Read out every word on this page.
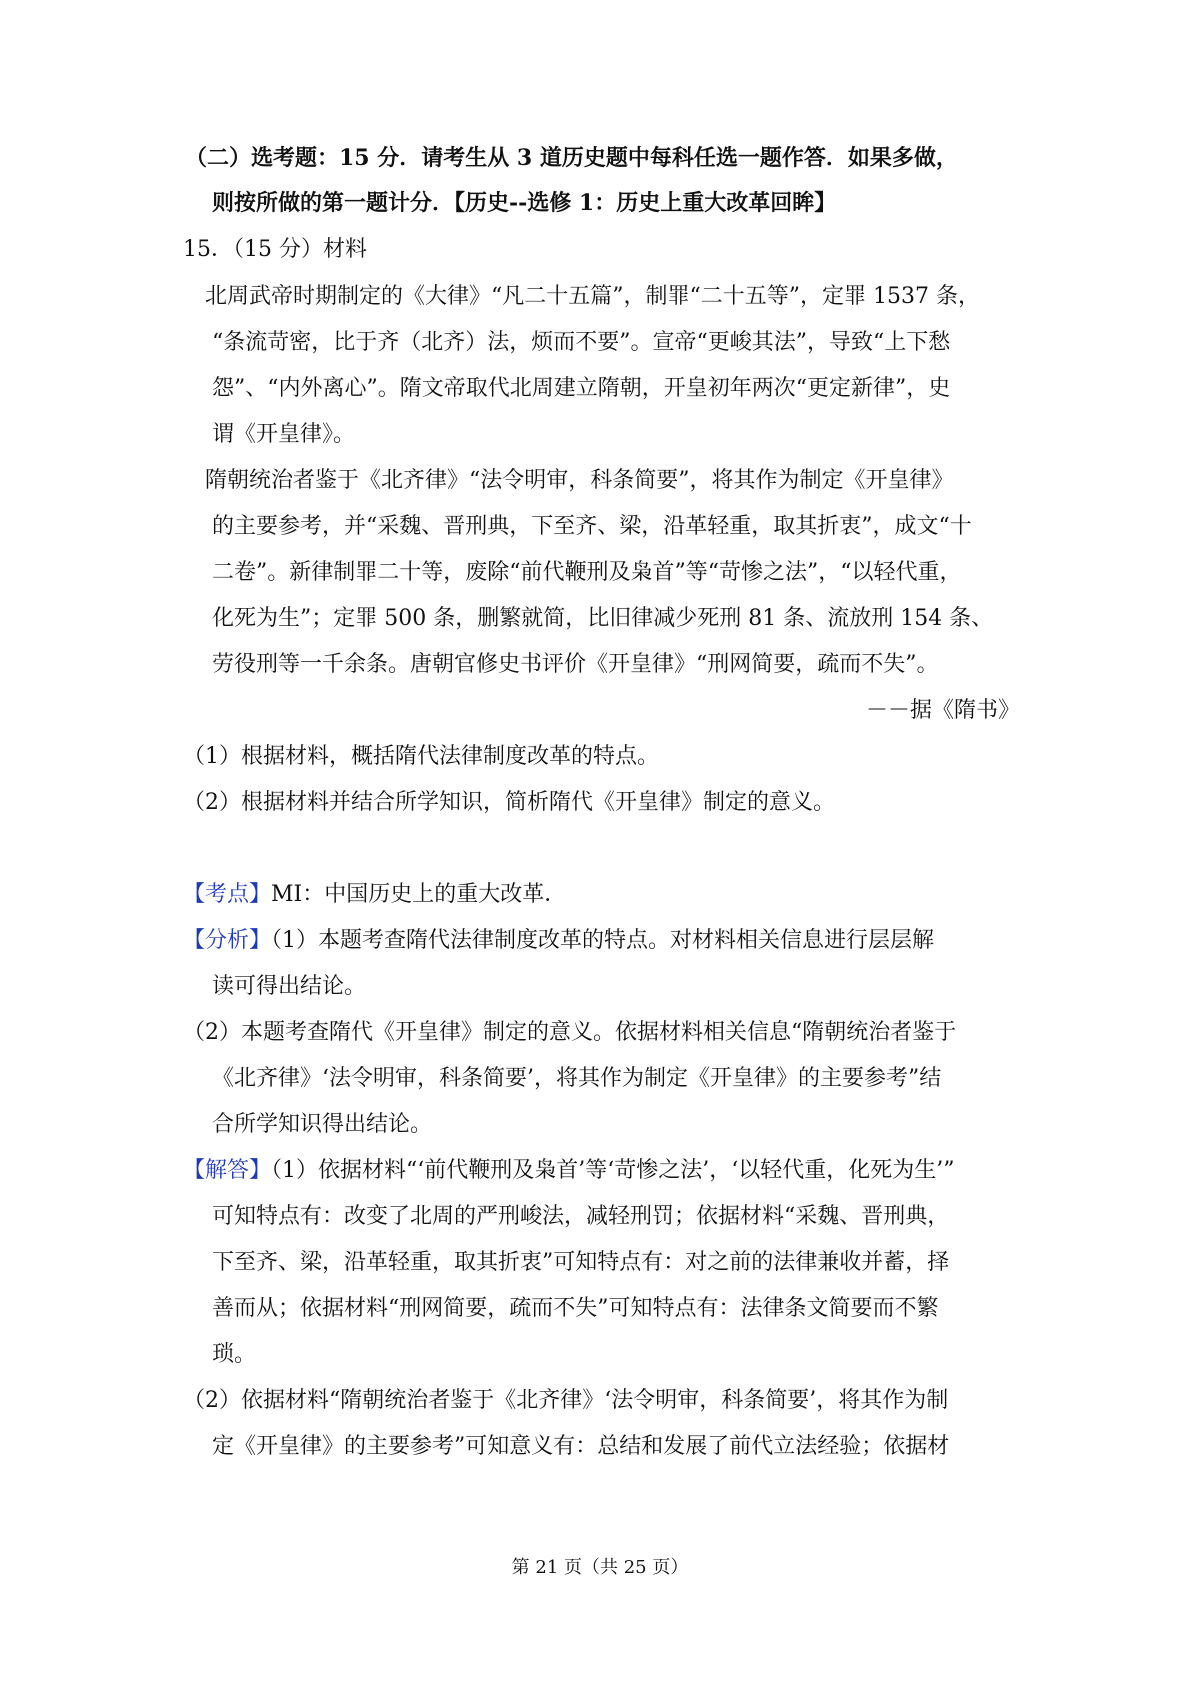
（二）选考题：15 分．请考生从 3 道历史题中每科任选一题作答．如果多做，
则按所做的第一题计分．【历史--选修 1：历史上重大改革回眸】
15．（15 分）材料
北周武帝时期制定的《大律》“凡二十五篇”，制罪“二十五等”，定罪 1537 条，
“条流苛密，比于齐（北齐）法，烦而不要”。宣帝“更峻其法”，导致“上下愁
怨”、“内外离心”。隋文帝取代北周建立隋朝，开皇初年两次“更定新律”，史
谓《开皇律》。
隋朝统治者鉴于《北齐律》“法令明审，科条简要”，将其作为制定《开皇律》
的主要参考，并“采魏、晋刑典，下至齐、梁，沿革轻重，取其折衷”，成文“十
二卷”。新律制罪二十等，废除“前代鞭刑及枭首”等“苛惨之法”，“以轻代重，
化死为生”；定罪 500 条，删繁就简，比旧律减少死刑 81 条、流放刑 154 条、
劳役刑等一千余条。唐朝官修史书评价《开皇律》“刑网简要，疏而不失”。
－－据《隋书》
（1）根据材料，概括隋代法律制度改革的特点。
（2）根据材料并结合所学知识，简析隋代《开皇律》制定的意义。
【考点】MI：中国历史上的重大改革．
【分析】（1）本题考查隋代法律制度改革的特点。对材料相关信息进行层层解
读可得出结论。
（2）本题考查隋代《开皇律》制定的意义。依据材料相关信息“隋朝统治者鉴于
《北齐律》‘法令明审，科条简要’，将其作为制定《开皇律》的主要参考”结
合所学知识得出结论。
【解答】（1）依据材料“‘前代鞭刑及枭首’等‘苛惨之法’，‘以轻代重，化死为生’”
可知特点有：改变了北周的严刑峻法，减轻刑罚；依据材料“采魏、晋刑典，
下至齐、梁，沿革轻重，取其折衷”可知特点有：对之前的法律兼收并蓄，择
善而从；依据材料“刑网简要，疏而不失”可知特点有：法律条文简要而不繁
琐。
（2）依据材料“隋朝统治者鉴于《北齐律》‘法令明审，科条简要’，将其作为制
定《开皇律》的主要参考”可知意义有：总结和发展了前代立法经验；依据材
第 21 页（共 25 页）
